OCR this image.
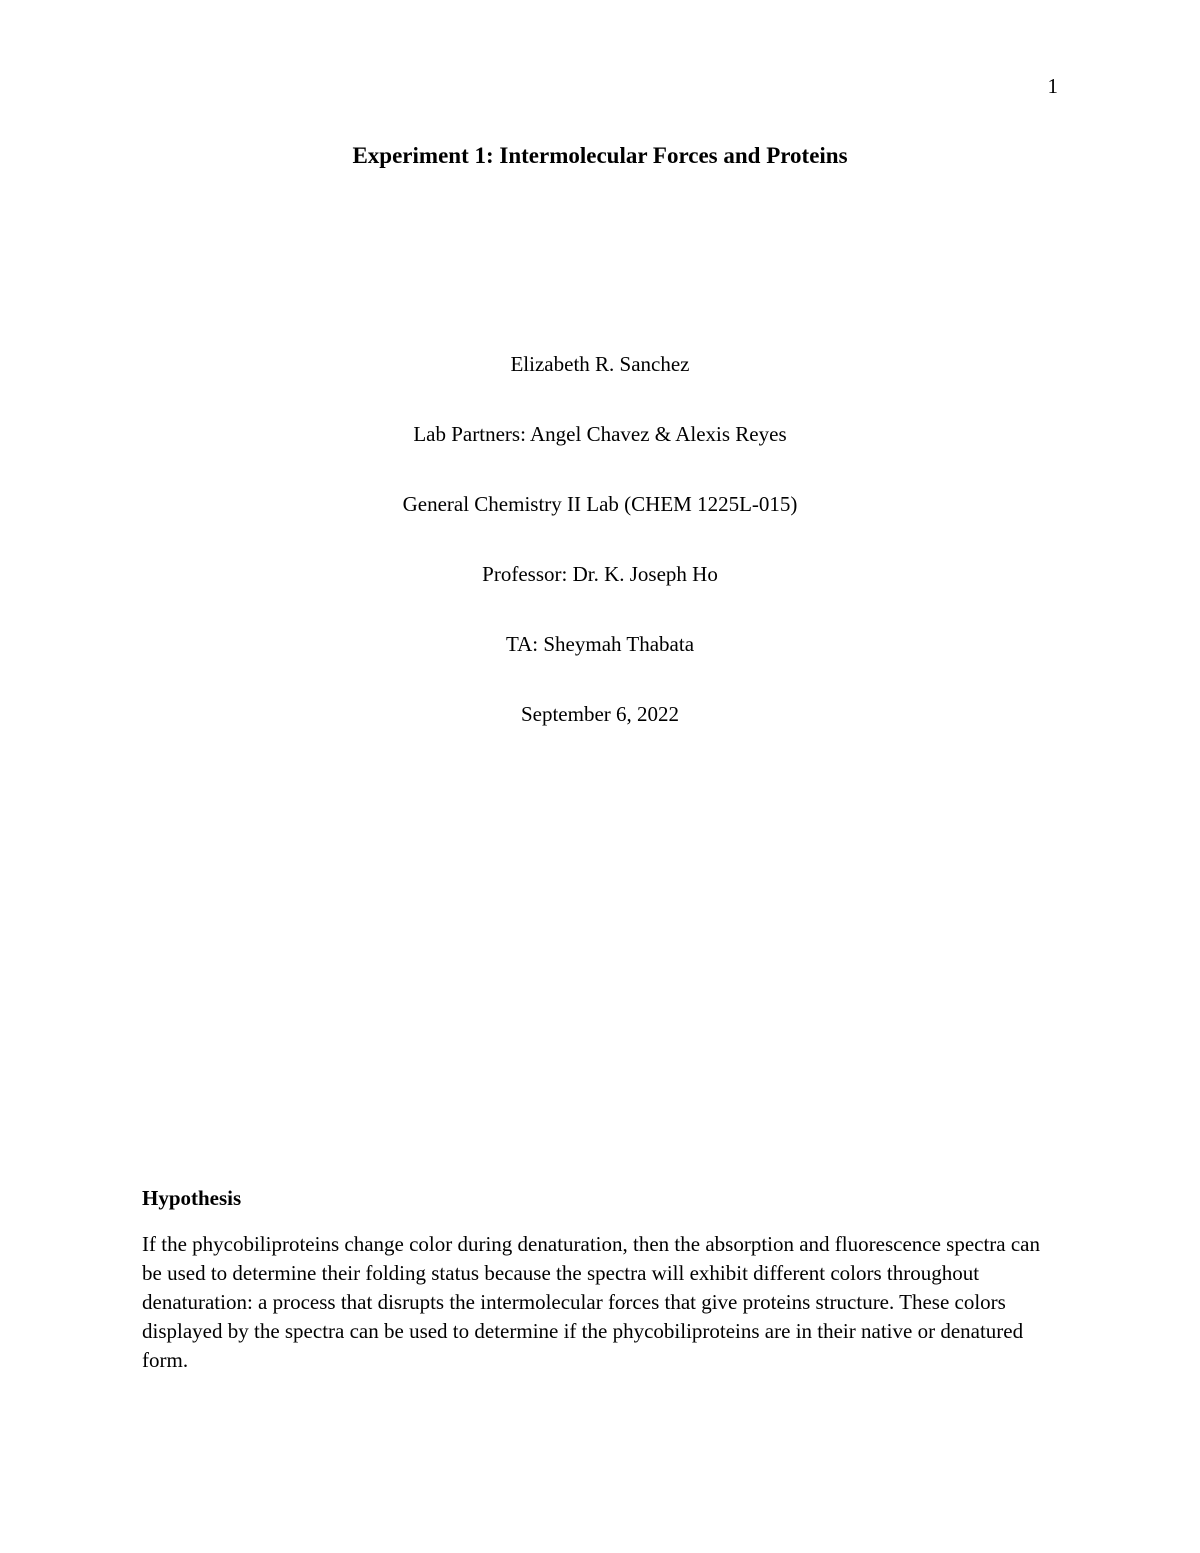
1
Experiment 1: Intermolecular Forces and Proteins
Elizabeth R. Sanchez
Lab Partners: Angel Chavez & Alexis Reyes
General Chemistry II Lab (CHEM 1225L-015)
Professor: Dr. K. Joseph Ho
TA: Sheymah Thabata
September 6, 2022
Hypothesis

If the phycobiliproteins change color during denaturation, then the absorption and fluorescence spectra can be used to determine their folding status because the spectra will exhibit different colors throughout denaturation: a process that disrupts the intermolecular forces that give proteins structure. These colors displayed by the spectra can be used to determine if the phycobiliproteins are in their native or denatured form.
